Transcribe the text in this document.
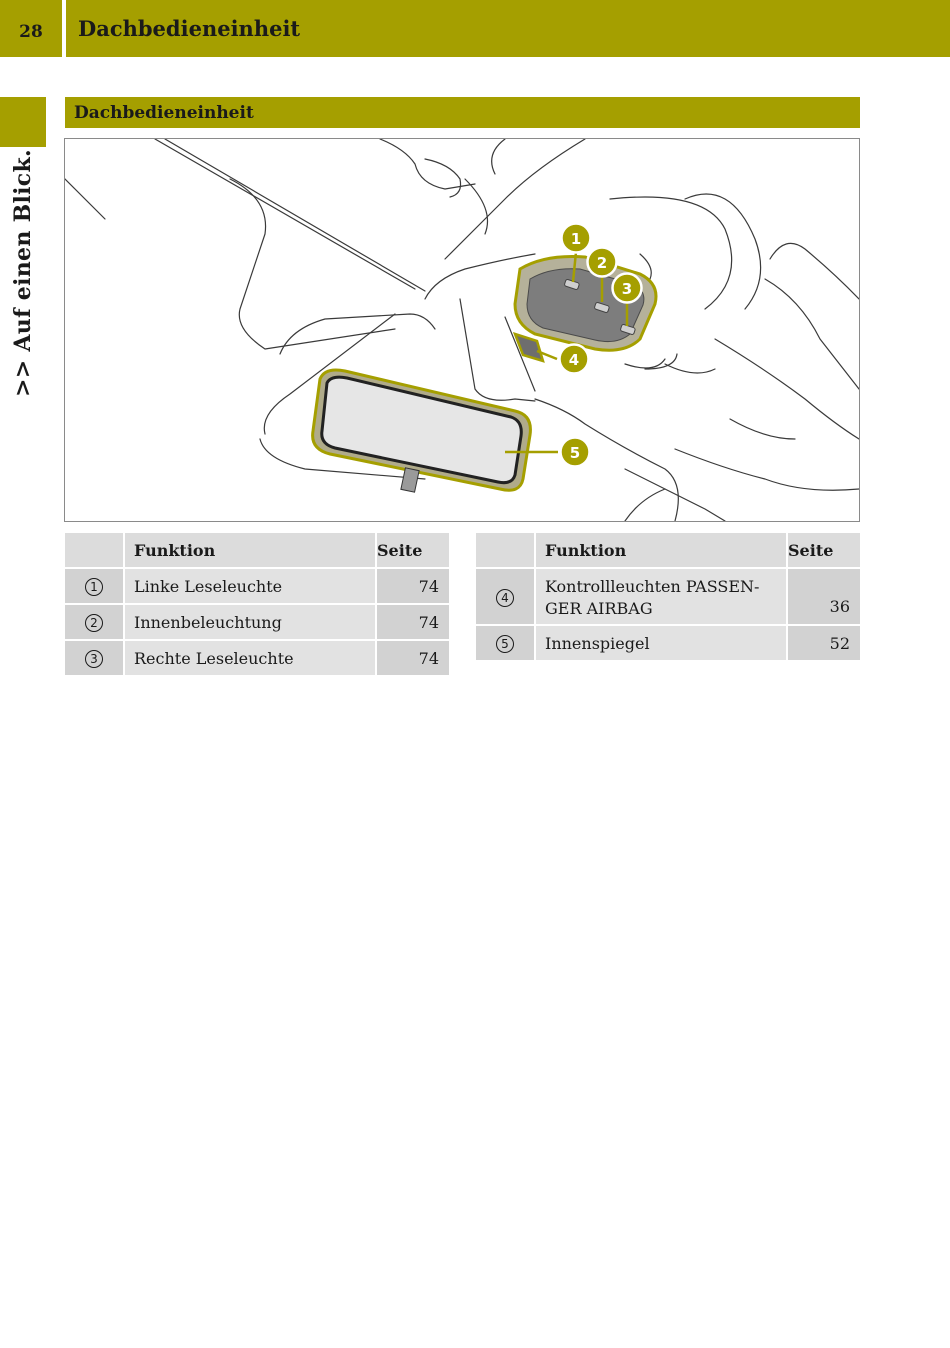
28	Dachbedieneinheit
>> Auf einen Blick.
Dachbedieneinheit
1
2
3
4
5
	Funktion	Seite
1	Linke Leseleuchte	74
2	Innenbeleuchtung	74
3	Rechte Leseleuchte	74
	Funktion	Seite
4	Kontrollleuchten PASSEN-
GER AIRBAG	36
5	Innenspiegel	52
